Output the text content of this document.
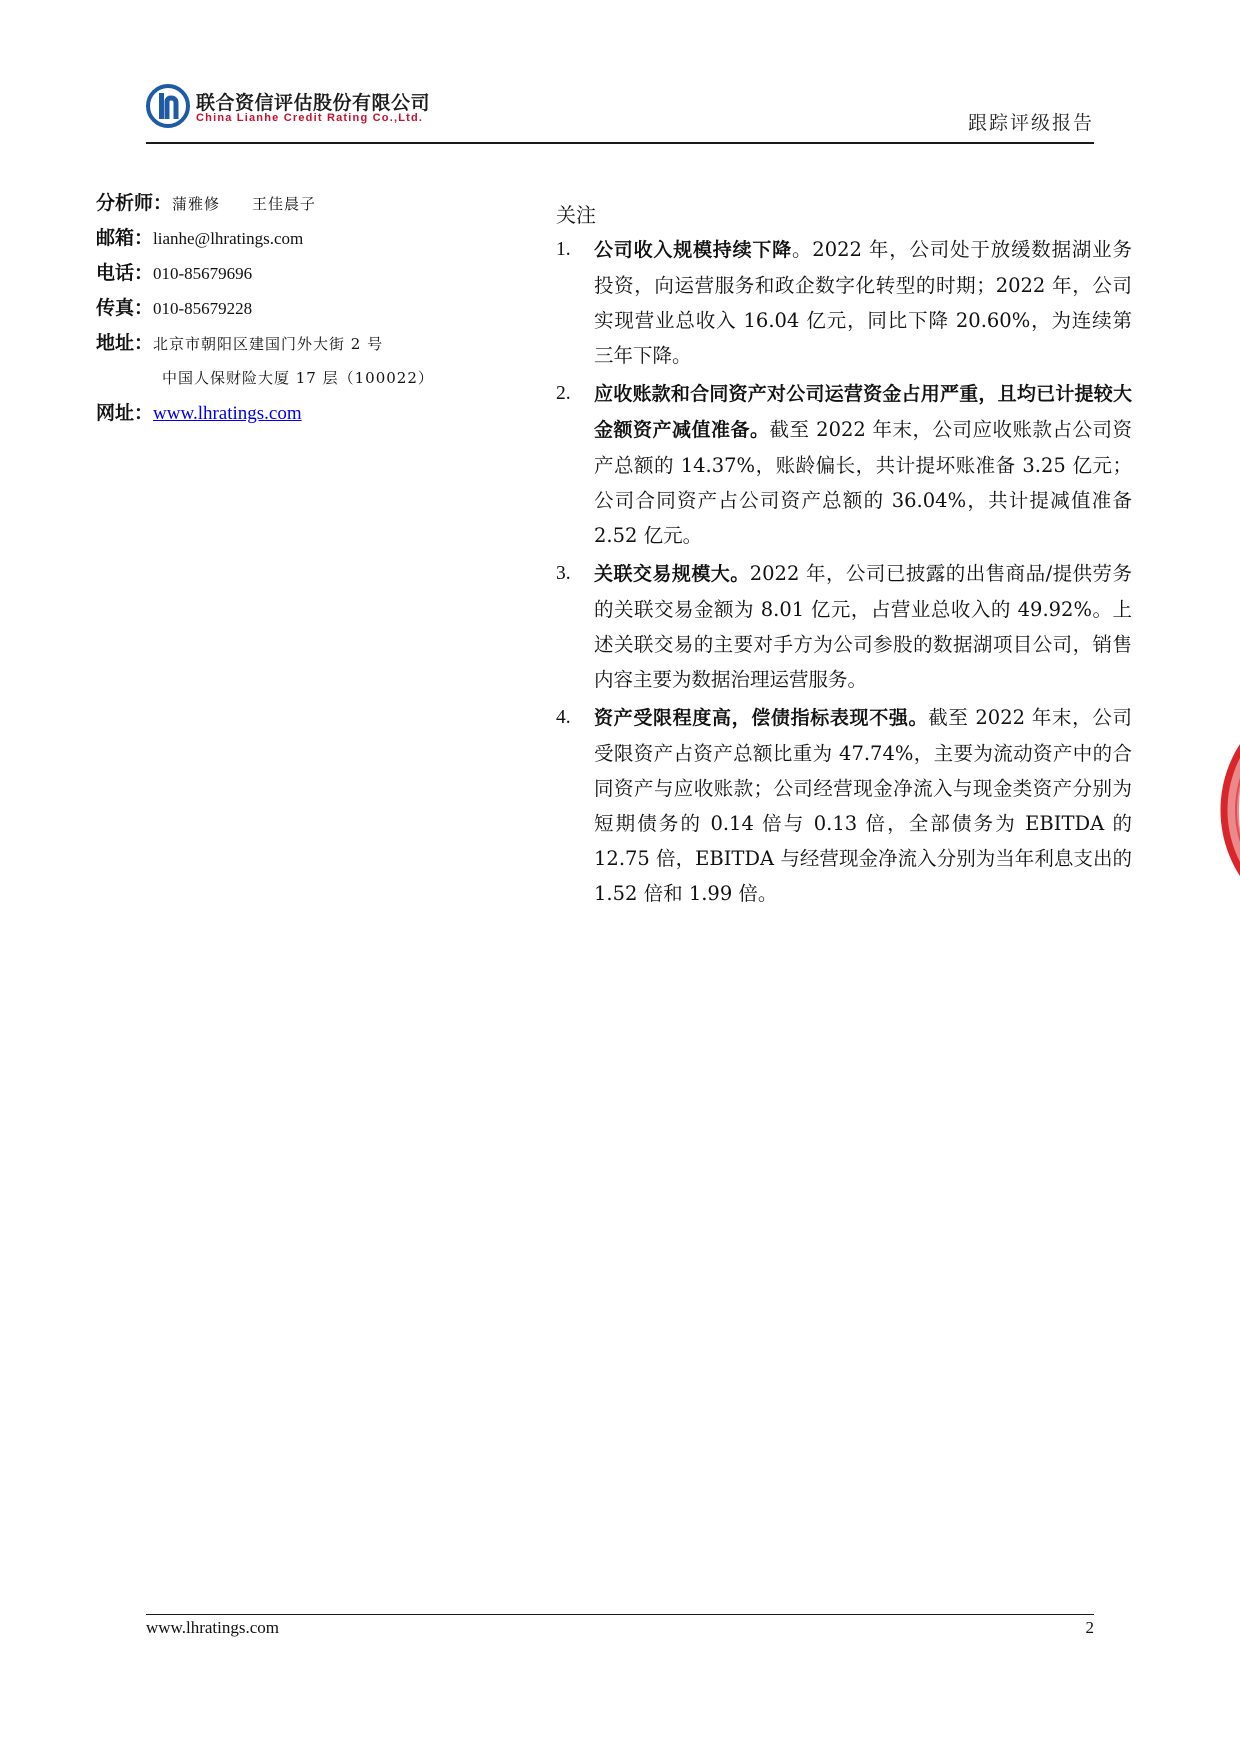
联合资信评估股份有限公司
China Lianhe Credit Rating Co.,Ltd.	跟踪评级报告
分析师：蒲雅修　　王佳晨子
邮箱：lianhe@lhratings.com
电话：010-85679696
传真：010-85679228
地址：北京市朝阳区建国门外大街 2 号
中国人保财险大厦 17 层（100022）
网址：www.lhratings.com
关注
1. 公司收入规模持续下降。2022 年，公司处于放缓数据湖业务投资，向运营服务和政企数字化转型的时期；2022 年，公司实现营业总收入 16.04 亿元，同比下降 20.60%，为连续第三年下降。
2. 应收账款和合同资产对公司运营资金占用严重，且均已计提较大金额资产减值准备。截至 2022 年末，公司应收账款占公司资产总额的 14.37%，账龄偏长，共计提坏账准备 3.25 亿元；公司合同资产占公司资产总额的 36.04%，共计提减值准备 2.52 亿元。
3. 关联交易规模大。2022 年，公司已披露的出售商品/提供劳务的关联交易金额为 8.01 亿元，占营业总收入的 49.92%。上述关联交易的主要对手方为公司参股的数据湖项目公司，销售内容主要为数据治理运营服务。
4. 资产受限程度高，偿债指标表现不强。截至 2022 年末，公司受限资产占资产总额比重为 47.74%，主要为流动资产中的合同资产与应收账款；公司经营现金净流入与现金类资产分别为短期债务的 0.14 倍与 0.13 倍，全部债务为 EBITDA 的 12.75 倍，EBITDA 与经营现金净流入分别为当年利息支出的 1.52 倍和 1.99 倍。
www.lhratings.com	2
